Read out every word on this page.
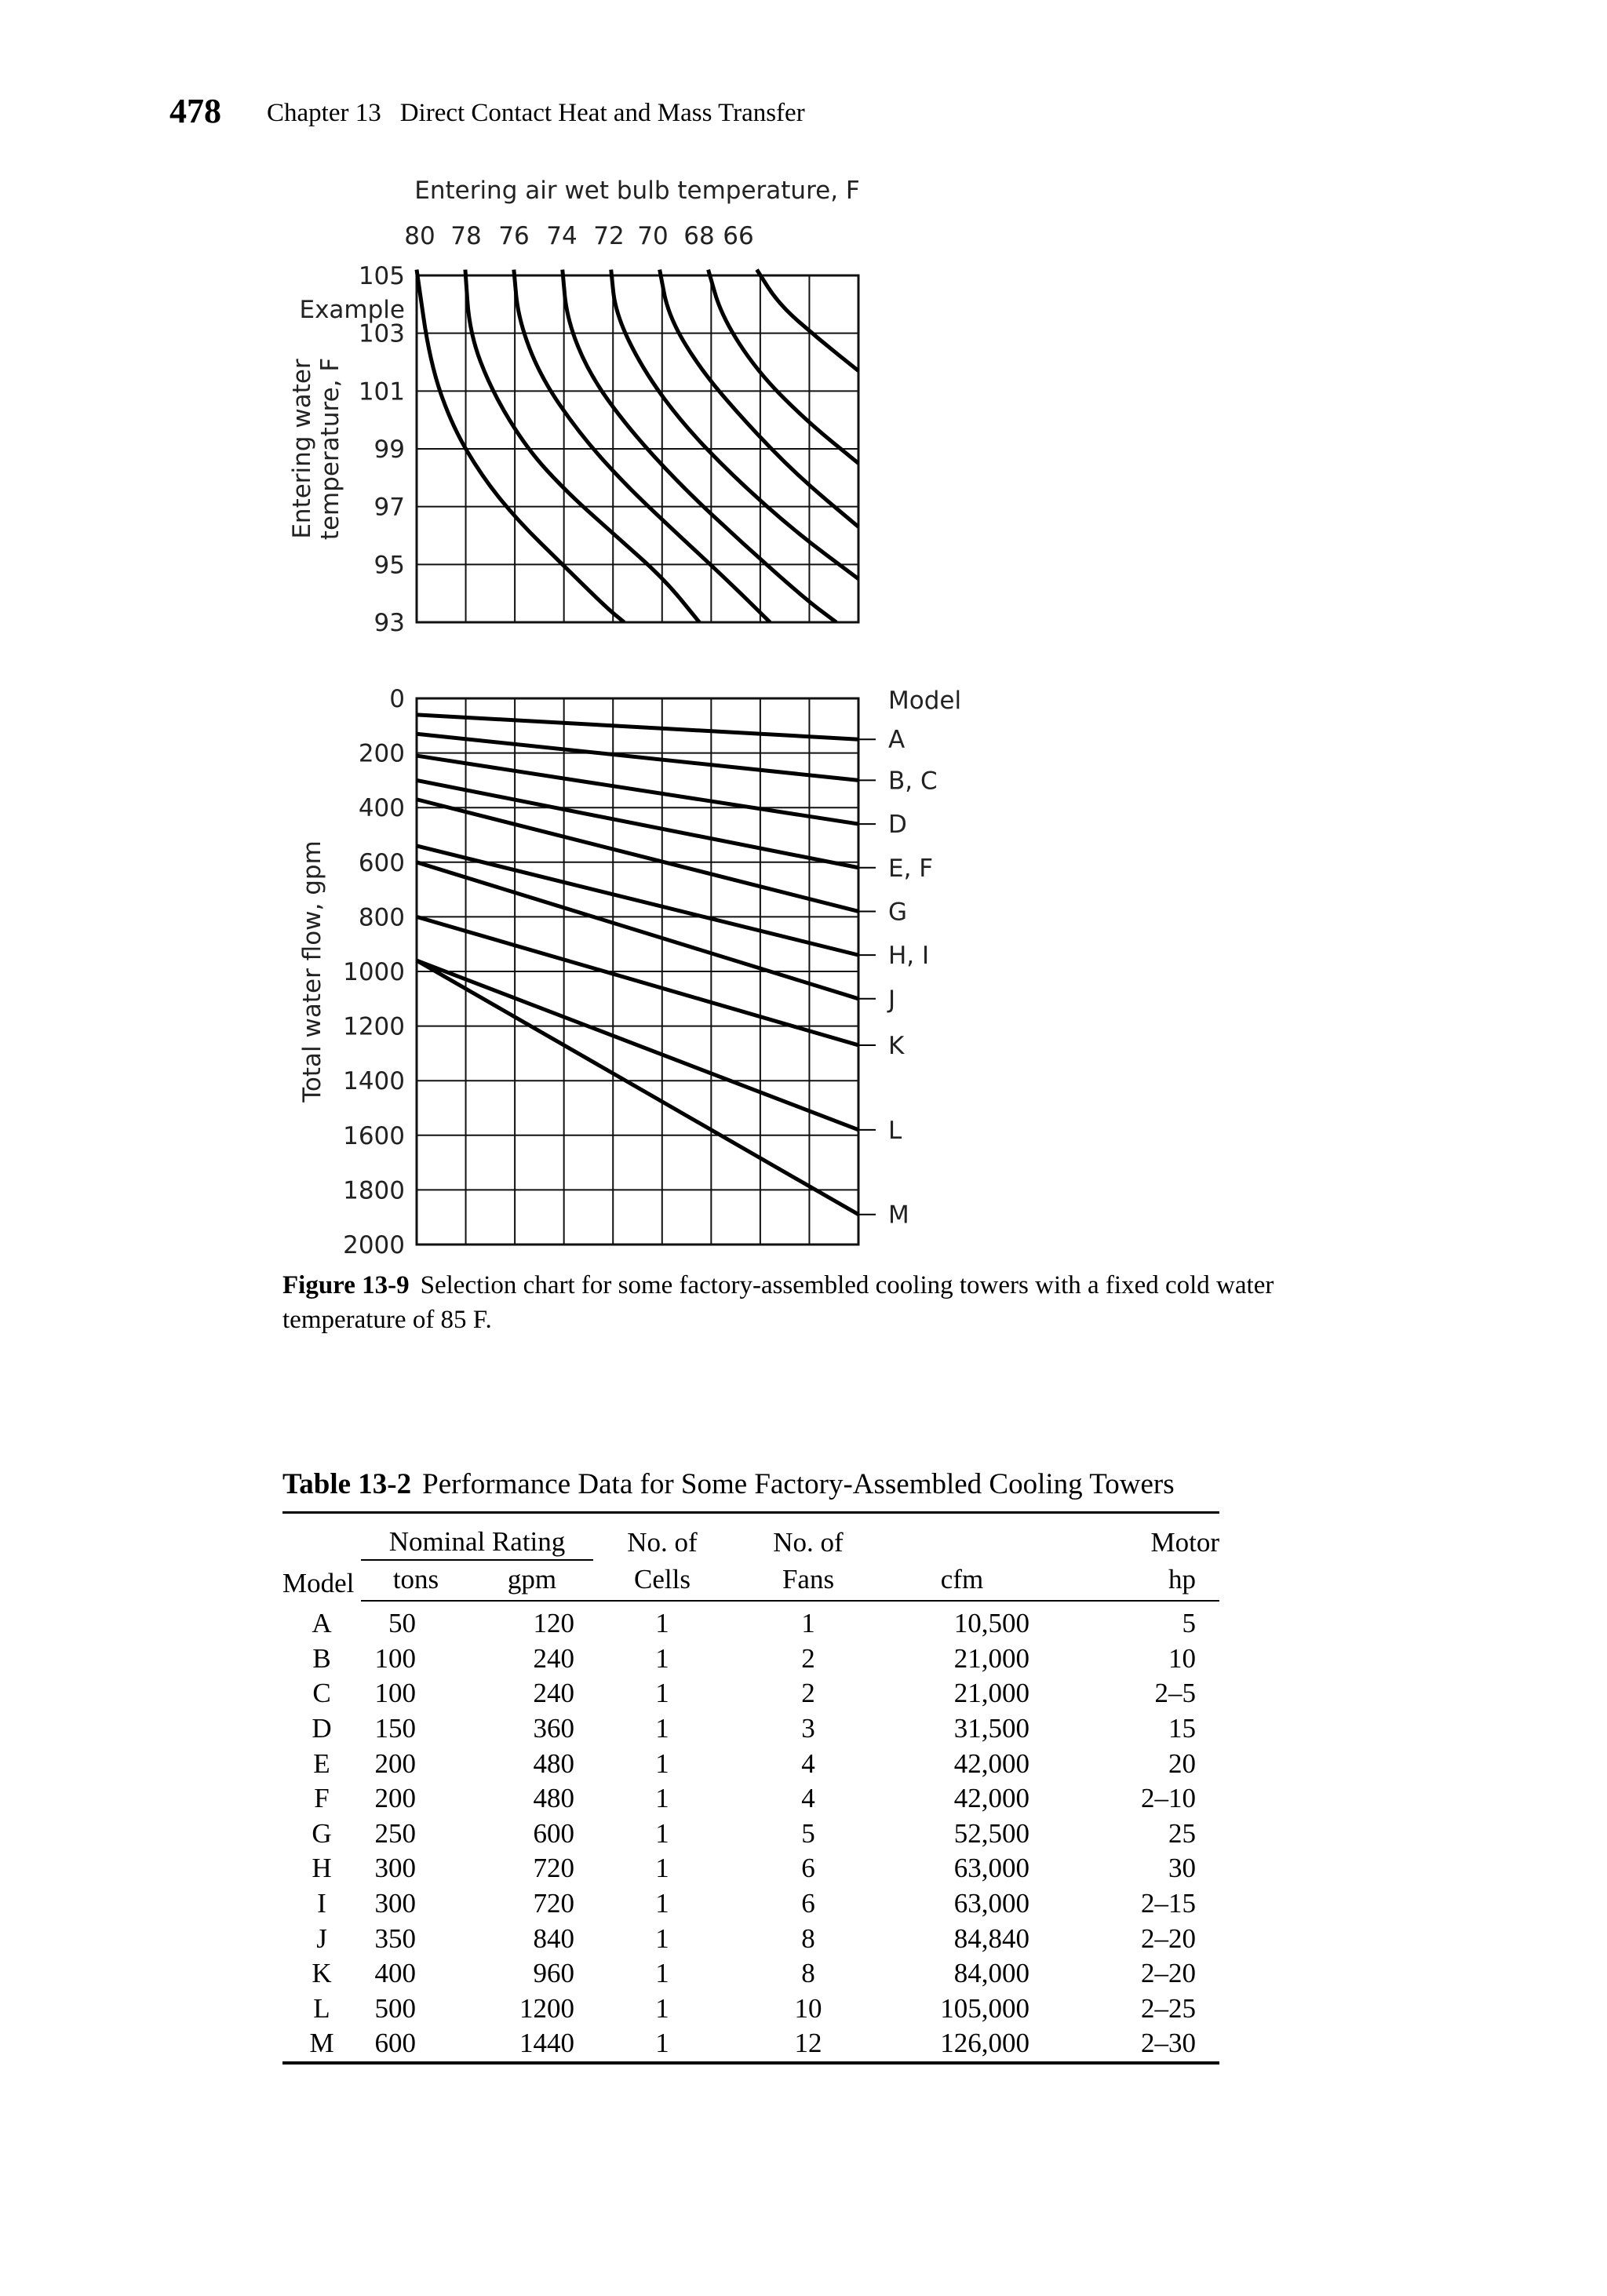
478 Chapter 13 Direct Contact Heat and Mass Transfer
80 78 76 74 72 70 68 66
Entering air wet bulb temperature, F
105
103
101
99
97
95
93
Example
Entering watertemperature, F
A
B, C
D
E, F
G
H, I
J
K
L
M
Model
0
200
400
600
800
1000
1200
1400
1600
1800
2000
Total water flow, gpm
Figure 13-9 Selection chart for some factory-assembled cooling towers with a fixed cold water temperature of 85 F.
Table 13-2 Performance Data for Some Factory-Assembled Cooling Towers
Model	Nominal Rating		No. of	No. of		Motor
	tons	gpm	Cells	Fans	cfm	hp
A	50	120	1	1	10,500	5
B	100	240	1	2	21,000	10
C	100	240	1	2	21,000	2–5
D	150	360	1	3	31,500	15
E	200	480	1	4	42,000	20
F	200	480	1	4	42,000	2–10
G	250	600	1	5	52,500	25
H	300	720	1	6	63,000	30
I	300	720	1	6	63,000	2–15
J	350	840	1	8	84,840	2–20
K	400	960	1	8	84,000	2–20
L	500	1200	1	10	105,000	2–25
M	600	1440	1	12	126,000	2–30
